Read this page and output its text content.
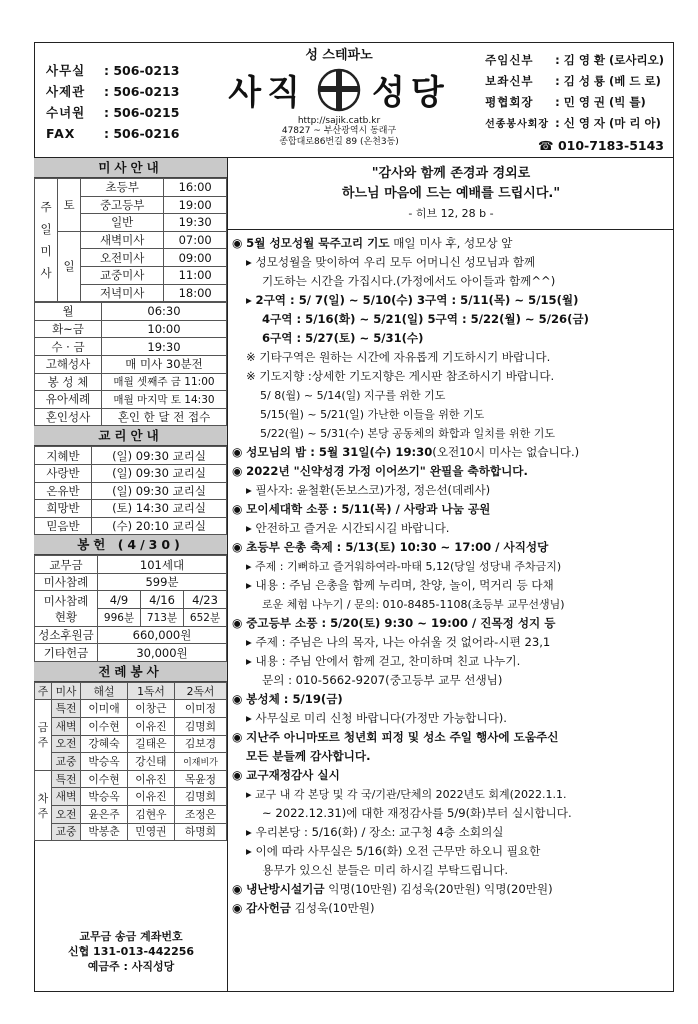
사무실 : 506-0213
사제관 : 506-0213
수녀원 : 506-0215
FAX : 506-0216
성 스테파노
사직 성당
http://sajik.catb.kr
47827 ~ 부산광역시 동래구
종합대로86번길 89 (온천3동)
주임신부 : 김 영 환 (로사리오)
보좌신부 : 김 성 룡 (베 드 로)
평협회장 : 민 영 권 (빅 틀)
선종봉사회장 : 신 영 자 (마 리 아)
☎ 010-7183-5143
미사안내
주일미사	토	초등부	16:00
		중고등부	19:00
		일반	19:30
	일	새벽미사	07:00
		오전미사	09:00
		교중미사	11:00
		저녁미사	18:00
월	06:30
화~금	10:00
수 · 금	19:30
고해성사	매 미사 30분전
봉 성 체	매월 셋째주 금 11:00
유아세례	매월 마지막 토 14:30
혼인성사	혼인 한 달 전 접수
교리안내
지혜반	(일) 09:30 교리실
사랑반	(일) 09:30 교리실
온유반	(일) 09:30 교리실
희망반	(토) 14:30 교리실
믿음반	(수) 20:10 교리실
봉헌 (4/30)
교무금	101세대		
미사참례	599분		

미사참례
현황	4/9	4/16	4/23
	996분	713분	652분
성소후원금	660,000원		
기타헌금	30,000원		
전례봉사
주	미사	해설	1독서	2독서
금주	특전	이미애	이창근	이미정
	새벽	이수현	이유진	김명희
	오전	강혜숙	길태은	김보경
	교중	박승옥	강신태	이재비가
차주	특전	이수현	이유진	목윤정
	새벽	박승옥	이유진	김명희
	오전	윤은주	김현우	조정은
	교중	박봉춘	민영권	하명희
교무금 송금 계좌번호
신협 131-013-442256
예금주 : 사직성당
"감사와 함께 존경과 경외로
하느님 마음에 드는 예배를 드립시다."
- 히브 12, 28 b -
◉ 5월 성모성월 묵주고리 기도 매일 미사 후, 성모상 앞
▸ 성모성월을 맞이하여 우리 모두 어머니신 성모님과 함께
기도하는 시간을 가집시다.(가정에서도 아이들과 함께^^)
▸ 2구역 : 5/ 7(일) ~ 5/10(수) 3구역 : 5/11(목) ~ 5/15(월)
4구역 : 5/16(화) ~ 5/21(일) 5구역 : 5/22(월) ~ 5/26(금)
6구역 : 5/27(토) ~ 5/31(수)
※ 기타구역은 원하는 시간에 자유롭게 기도하시기 바랍니다.
※ 기도지향 :상세한 기도지향은 게시판 참조하시기 바랍니다.
5/ 8(월) ~ 5/14(일) 지구를 위한 기도
5/15(월) ~ 5/21(일) 가난한 이들을 위한 기도
5/22(월) ~ 5/31(수) 본당 공동체의 화합과 일치를 위한 기도
◉ 성모님의 밤 : 5월 31일(수) 19:30(오전10시 미사는 없습니다.)
◉ 2022년 "신약성경 가정 이어쓰기" 완필을 축하합니다.
▸ 필사자: 윤철환(돈보스코)가정, 정은선(데레사)
◉ 모이세대학 소풍 : 5/11(목) / 사랑과 나눔 공원
▸ 안전하고 즐거운 시간되시길 바랍니다.
◉ 초등부 은총 축제 : 5/13(토) 10:30 ~ 17:00 / 사직성당
▸ 주제 : 기뻐하고 즐거워하여라-마태 5,12(당일 성당내 주차금지)
▸ 내용 : 주님 은총을 함께 누리며, 찬양, 놀이, 먹거리 등 다채
로운 체험 나누기 / 문의: 010-8485-1108(초등부 교무선생님)
◉ 중고등부 소풍 : 5/20(토) 9:30 ~ 19:00 / 진목정 성지 등
▸ 주제 : 주님은 나의 목자, 나는 아쉬울 것 없어라-시편 23,1
▸ 내용 : 주님 안에서 함께 걷고, 찬미하며 친교 나누기.
문의 : 010-5662-9207(중고등부 교무 선생님)
◉ 봉성체 : 5/19(금)
▸ 사무실로 미리 신청 바랍니다(가정만 가능합니다).
◉ 지난주 아니마또르 청년회 피정 및 성소 주일 행사에 도움주신
모든 분들께 감사합니다.
◉ 교구재정감사 실시
▸ 교구 내 각 본당 및 각 국/기관/단체의 2022년도 회계(2022.1.1.
~ 2022.12.31)에 대한 재정감사를 5/9(화)부터 실시합니다.
▸ 우리본당 : 5/16(화) / 장소: 교구청 4층 소회의실
▸ 이에 따라 사무실은 5/16(화) 오전 근무만 하오니 필요한
용무가 있으신 분들은 미리 하시길 부탁드립니다.
◉ 냉난방시설기금 익명(10만원) 김성욱(20만원) 익명(20만원)
◉ 감사헌금 김성욱(10만원)
